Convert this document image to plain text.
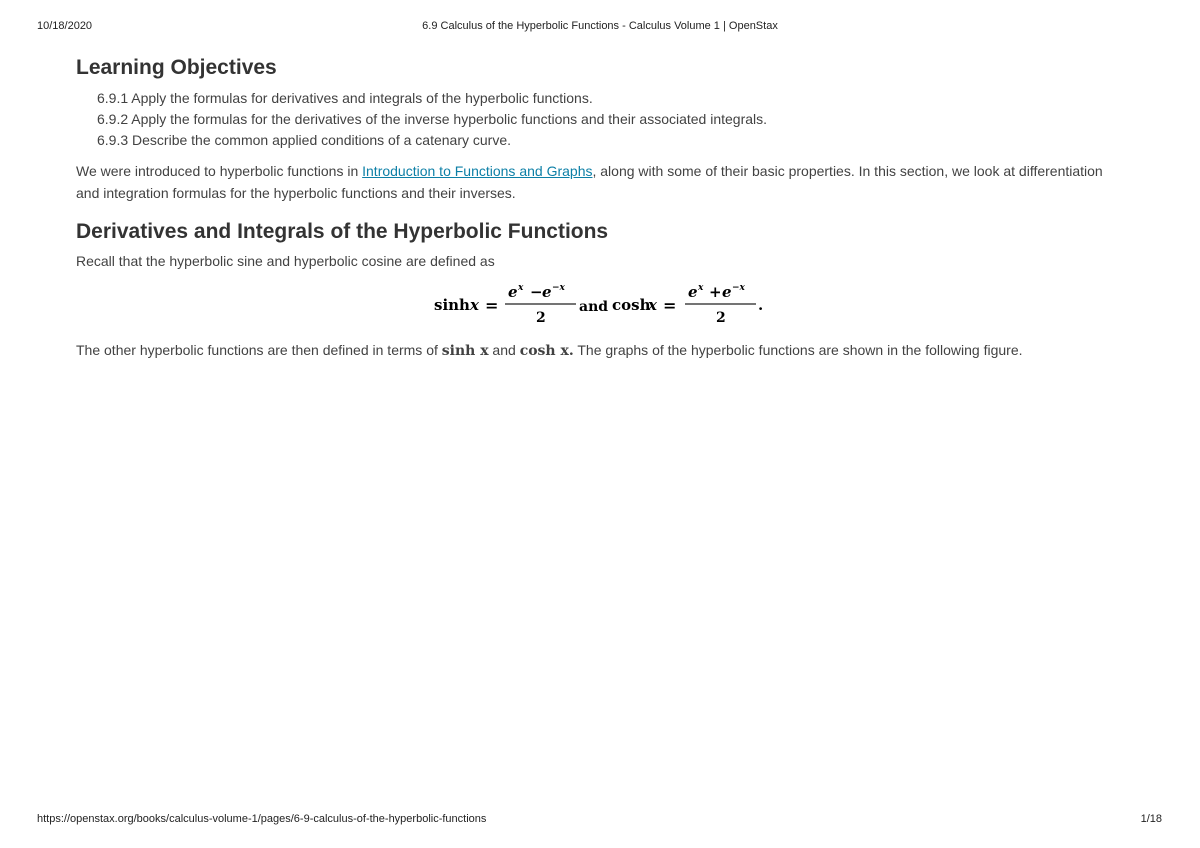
10/18/2020	6.9 Calculus of the Hyperbolic Functions - Calculus Volume 1 | OpenStax
Learning Objectives
6.9.1 Apply the formulas for derivatives and integrals of the hyperbolic functions.
6.9.2 Apply the formulas for the derivatives of the inverse hyperbolic functions and their associated integrals.
6.9.3 Describe the common applied conditions of a catenary curve.

We were introduced to hyperbolic functions in Introduction to Functions and Graphs, along with some of their basic properties. In this section, we look at differentiation and integration formulas for the hyperbolic functions and their inverses.

Derivatives and Integrals of the Hyperbolic Functions

Recall that the hyperbolic sine and hyperbolic cosine are defined as

sinh x =
e x − e −x
2
and cosh
x =
e x + e −x
2
.

The other hyperbolic functions are then defined in terms of sinh x and cosh x. The graphs of the hyperbolic functions are shown in the following figure.

https://openstax.org/books/calculus-volume-1/pages/6-9-calculus-of-the-hyperbolic-functions	1/18
